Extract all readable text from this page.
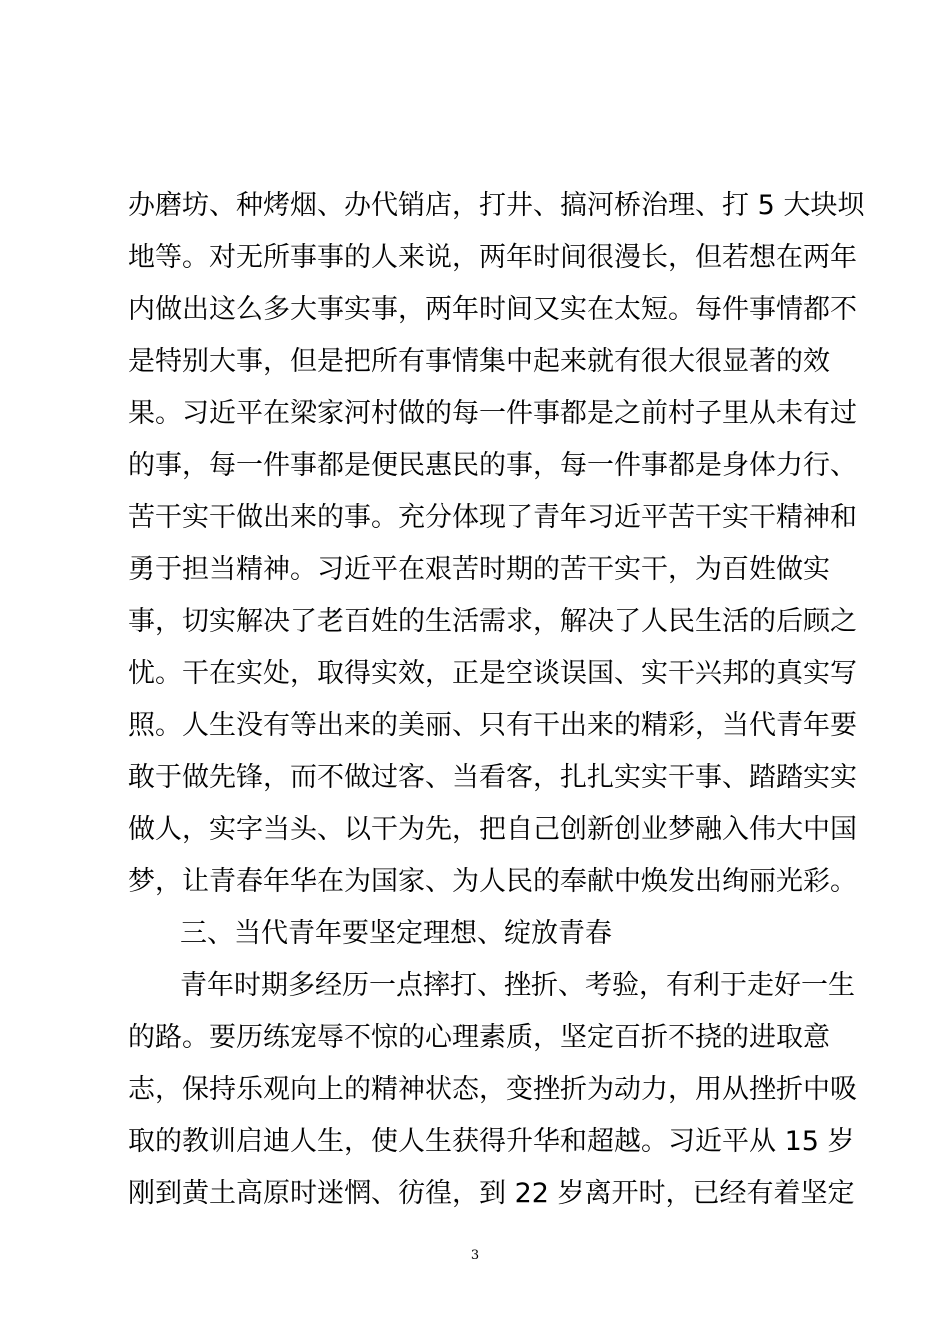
办磨坊、种烤烟、办代销店，打井、搞河桥治理、打 5 大块坝
地等。对无所事事的人来说，两年时间很漫长，但若想在两年
内做出这么多大事实事，两年时间又实在太短。每件事情都不
是特别大事，但是把所有事情集中起来就有很大很显著的效
果。习近平在梁家河村做的每一件事都是之前村子里从未有过
的事，每一件事都是便民惠民的事，每一件事都是身体力行、
苦干实干做出来的事。充分体现了青年习近平苦干实干精神和
勇于担当精神。习近平在艰苦时期的苦干实干，为百姓做实
事，切实解决了老百姓的生活需求，解决了人民生活的后顾之
忧。干在实处，取得实效，正是空谈误国、实干兴邦的真实写
照。人生没有等出来的美丽、只有干出来的精彩，当代青年要
敢于做先锋，而不做过客、当看客，扎扎实实干事、踏踏实实
做人，实字当头、以干为先，把自己创新创业梦融入伟大中国
梦，让青春年华在为国家、为人民的奉献中焕发出绚丽光彩。
三、当代青年要坚定理想、绽放青春
青年时期多经历一点摔打、挫折、考验，有利于走好一生
的路。要历练宠辱不惊的心理素质，坚定百折不挠的进取意
志，保持乐观向上的精神状态，变挫折为动力，用从挫折中吸
取的教训启迪人生，使人生获得升华和超越。习近平从 15 岁
刚到黄土高原时迷惘、彷徨，到 22 岁离开时，已经有着坚定
3
